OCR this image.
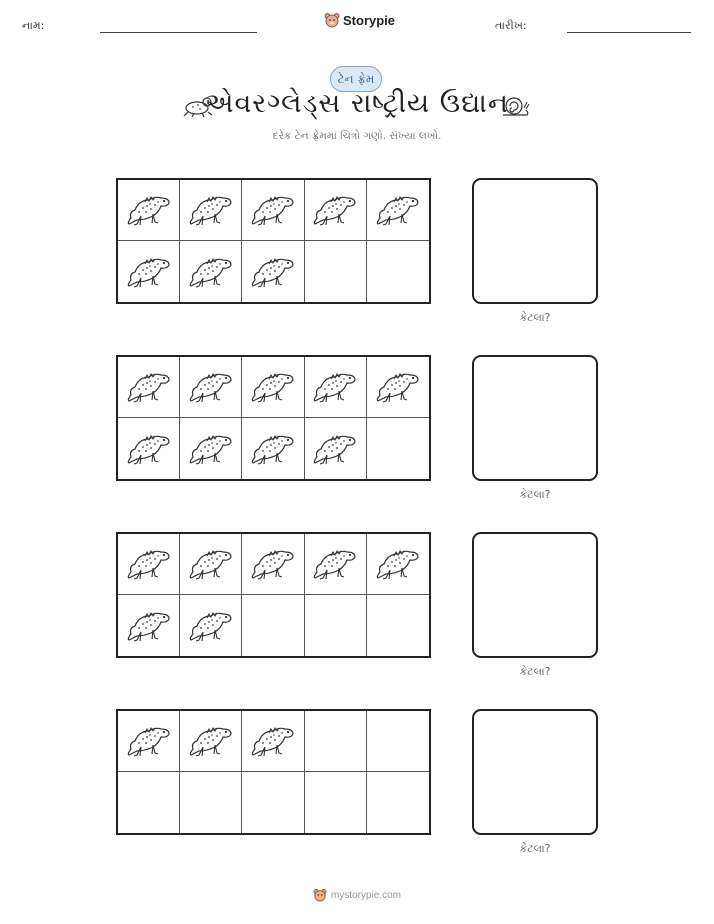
નામ:	Storypie	તારીખ:
ટેન ફ્રેમ
એવરગ્લેડ્સ રાષ્ટ્રીય ઉદ્યાન
દરેક ટેન ફ્રેમમાં ચિત્રો ગણો. સંખ્યા લખો.
કેટલા?
કેટલા?
કેટલા?
કેટલા?
mystorypie.com
